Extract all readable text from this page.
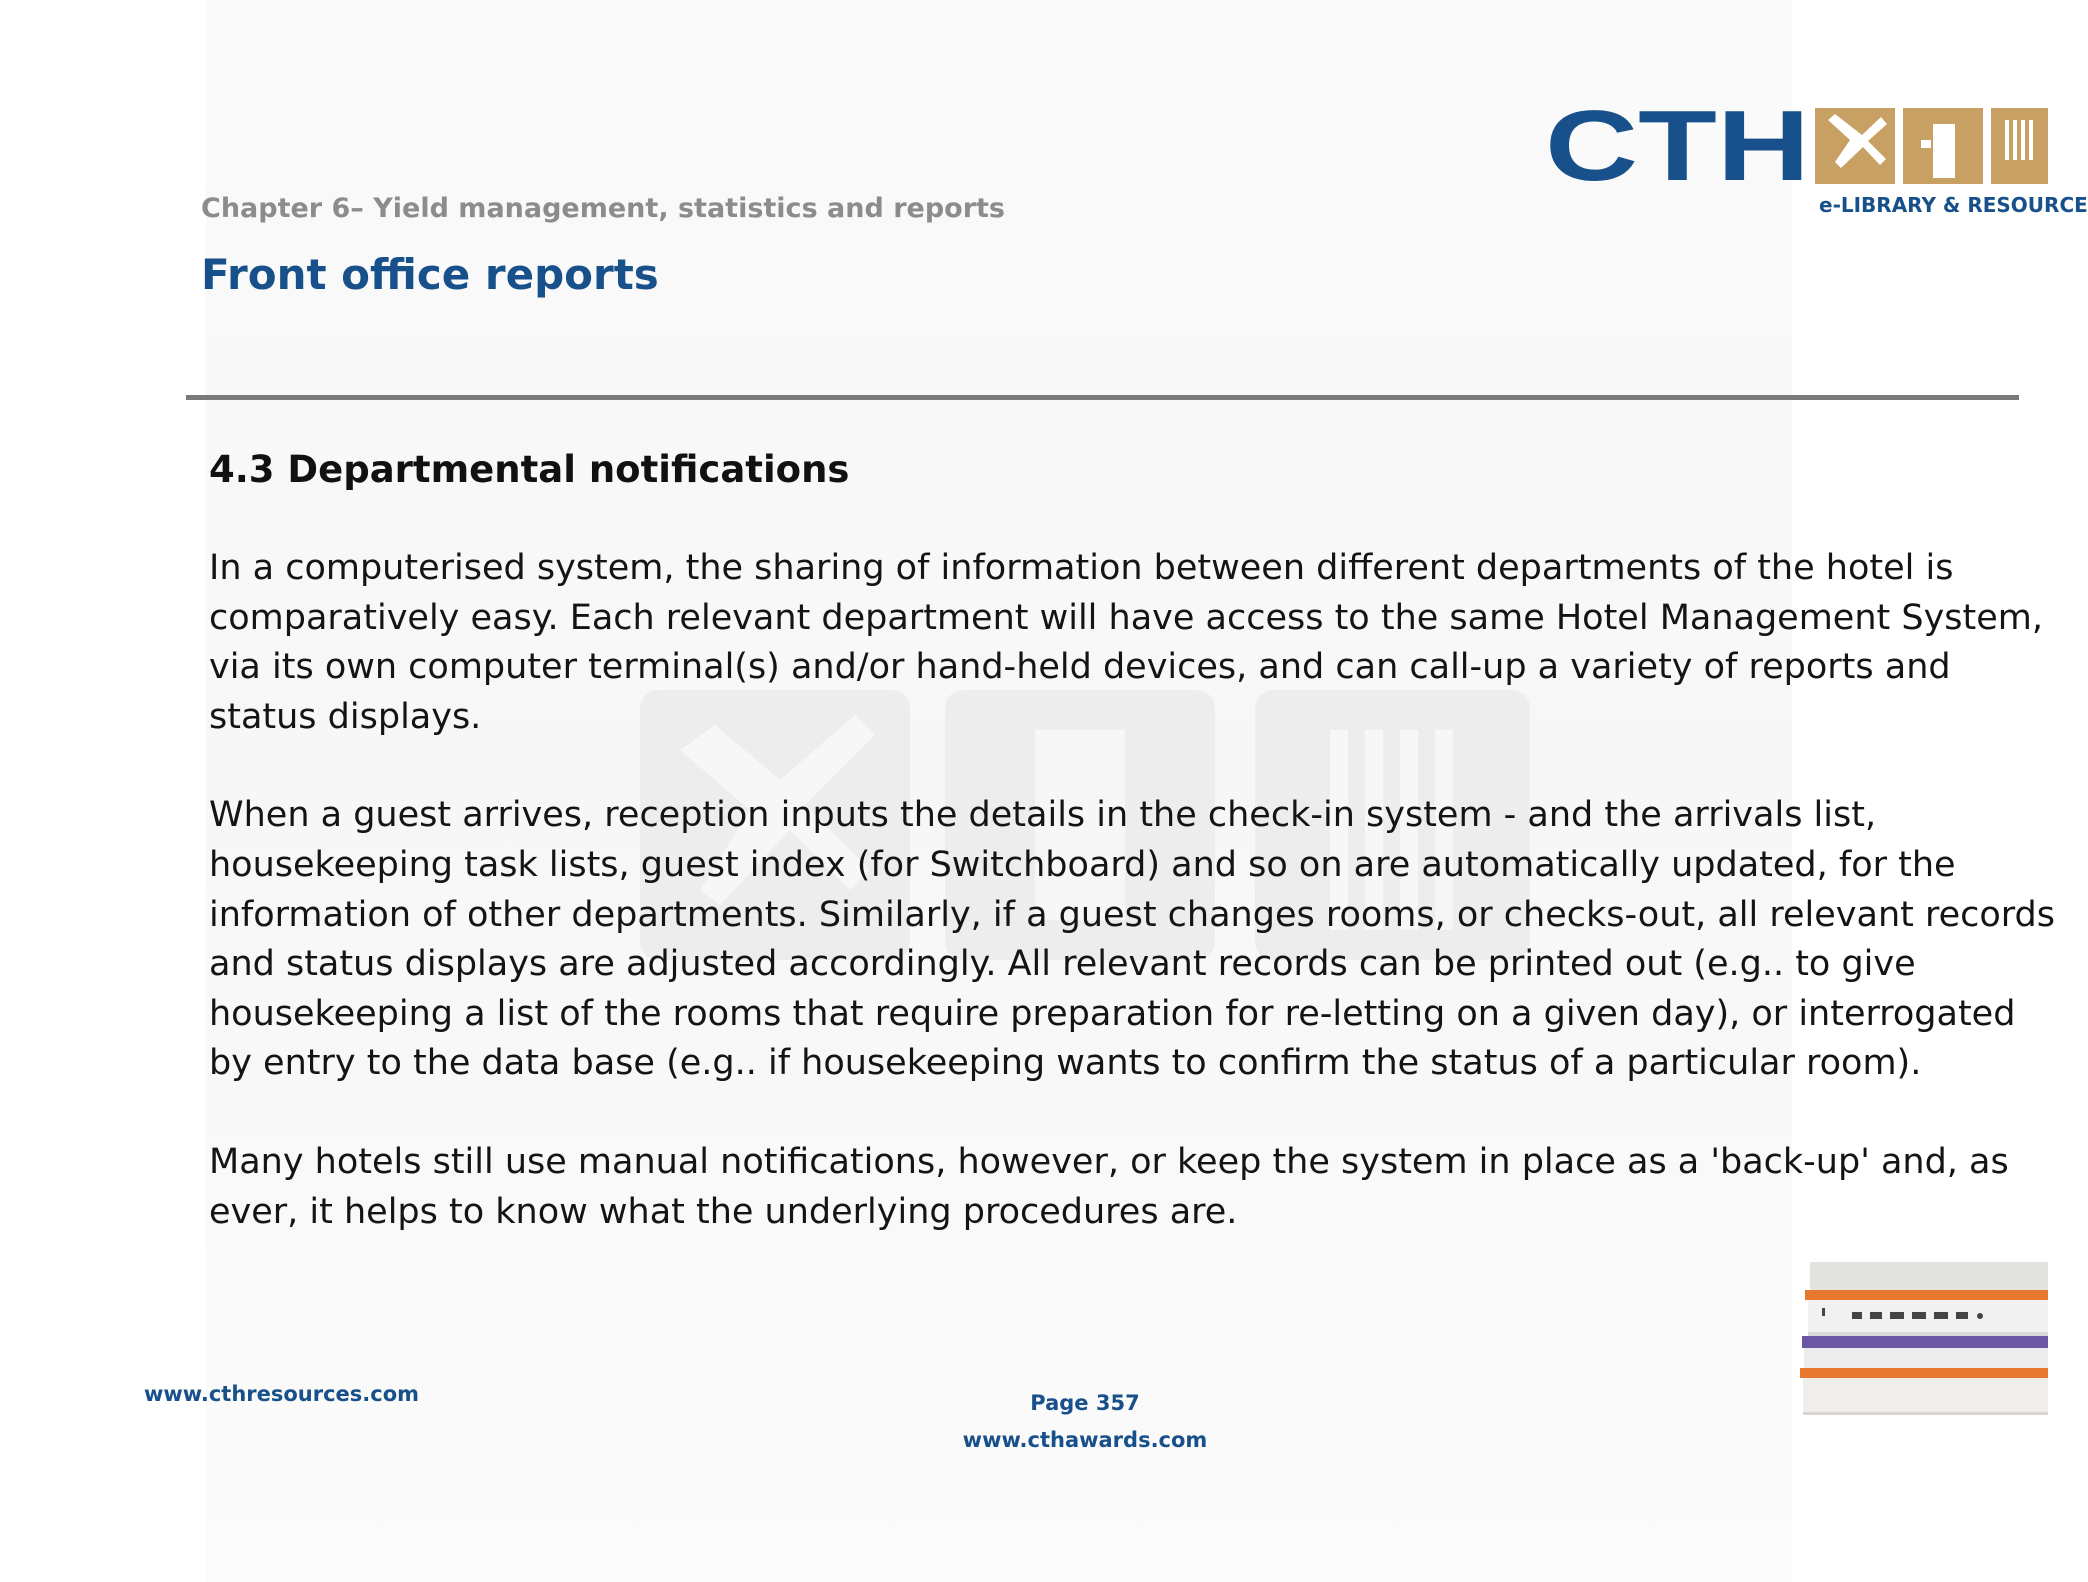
Chapter 6– Yield management, statistics and reports
Front office reports
CTH
e-LIBRARY & RESOURCE
4.3 Departmental notifications
In a computerised system, the sharing of information between different departments of the hotel is
comparatively easy. Each relevant department will have access to the same Hotel Management System,
via its own computer terminal(s) and/or hand-held devices, and can call-up a variety of reports and
status displays.
When a guest arrives, reception inputs the details in the check-in system - and the arrivals list,
housekeeping task lists, guest index (for Switchboard) and so on are automatically updated, for the
information of other departments. Similarly, if a guest changes rooms, or checks-out, all relevant records
and status displays are adjusted accordingly. All relevant records can be printed out (e.g.. to give
housekeeping a list of the rooms that require preparation for re-letting on a given day), or interrogated
by entry to the data base (e.g.. if housekeeping wants to confirm the status of a particular room).
Many hotels still use manual notifications, however, or keep the system in place as a 'back-up' and, as
ever, it helps to know what the underlying procedures are.
www.cthresources.com	Page 357
www.cthawards.com
